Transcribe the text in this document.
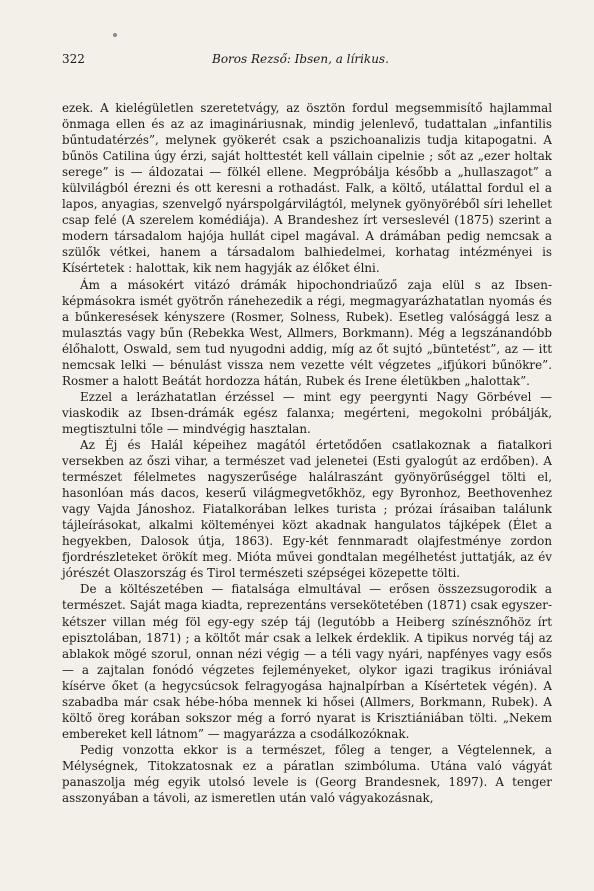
322	Boros Rezső: Ibsen, a lírikus.

ezek. A kielégületlen szeretetvágy, az ösztön fordul megsemmisítő hajlammal önmaga ellen és az az imagináriusnak, mindig jelenlevő, tudattalan „infantilis bűntudatérzés”, melynek gyökerét csak a pszichoanalizis tudja kitapogatni. A bűnös Catilina úgy érzi, saját holttestét kell vállain cipelnie ; sőt az „ezer holtak serege” is — áldozatai — fölkél ellene. Megpróbálja később a „hullaszagot” a külvilágból érezni és ott keresni a rothadást. Falk, a költő, utálattal fordul el a lapos, anyagias, szenvelgő nyárspolgárvilágtól, melynek gyönyöréből síri lehellet csap felé (A szerelem komédiája). A Brandeshez írt verseslevél (1875) szerint a modern társadalom hajója hullát cipel magával. A drámában pedig nemcsak a szülők vétkei, hanem a társadalom balhiedelmei, korhatag intézményei is Kísértetek : halottak, kik nem hagyják az élőket élni.

Ám a másokért vitázó drámák hipochondriaűző zaja elül s az Ibsen-képmásokra ismét gyötrőn ránehezedik a régi, megmagyarázhatatlan nyomás és a bűnkeresések kényszere (Rosmer, Solness, Rubek). Esetleg valósággá lesz a mulasztás vagy bűn (Rebekka West, Allmers, Borkmann). Még a legszánandóbb élőhalott, Oswald, sem tud nyugodni addig, míg az őt sujtó „büntetést”, az — itt nemcsak lelki — bénulást vissza nem vezette vélt végzetes „ifjúkori bűnökre”. Rosmer a halott Beátát hordozza hátán, Rubek és Irene életükben „halottak”.

Ezzel a lerázhatatlan érzéssel — mint egy peergynti Nagy Görbével — viaskodik az Ibsen-drámák egész falanxa; megérteni, megokolni próbálják, megtisztulni tőle — mindvégig hasztalan.

Az Éj és Halál képeihez magától értetődően csatlakoznak a fiatalkori versekben az őszi vihar, a természet vad jelenetei (Esti gyalogút az erdőben). A természet félelmetes nagyszerűsége halálraszánt gyönyörűséggel tölti el, hasonlóan más dacos, keserű világmegvetőkhöz, egy Byronhoz, Beethovenhez vagy Vajda Jánoshoz. Fiatalkorában lelkes turista ; prózai írásaiban találunk tájleírásokat, alkalmi költeményei közt akadnak hangulatos tájképek (Élet a hegyekben, Dalosok útja, 1863). Egy-két fennmaradt olajfestménye zordon fjordrészleteket örökít meg. Mióta művei gondtalan megélhetést juttatják, az év jórészét Olaszország és Tirol természeti szépségei közepette tölti.

De a költészetében — fiatalsága elmultával — erősen összezsugorodik a természet. Saját maga kiadta, reprezentáns versekötetében (1871) csak egyszer-kétszer villan még föl egy-egy szép táj (legutóbb a Heiberg színésznőhöz írt episztolában, 1871) ; a költőt már csak a lelkek érdeklik. A tipikus norvég táj az ablakok mögé szorul, onnan nézi végig — a téli vagy nyári, napfényes vagy esős — a zajtalan fonódó végzetes fejleményeket, olykor igazi tragikus iróniával kísérve őket (a hegycsúcsok felragyogása hajnalpírban a Kísértetek végén). A szabadba már csak hébe-hóba mennek ki hősei (Allmers, Borkmann, Rubek). A költő öreg korában sokszor még a forró nyarat is Krisztiániában tölti. „Nekem embereket kell látnom” — magyarázza a csodálkozóknak.

Pedig vonzotta ekkor is a természet, főleg a tenger, a Végtelennek, a Mélységnek, Titokzatosnak ez a páratlan szimbóluma. Utána való vágyát panaszolja még egyik utolsó levele is (Georg Brandesnek, 1897). A tenger asszonyában a távoli, az ismeretlen után való vágyakozásnak,
